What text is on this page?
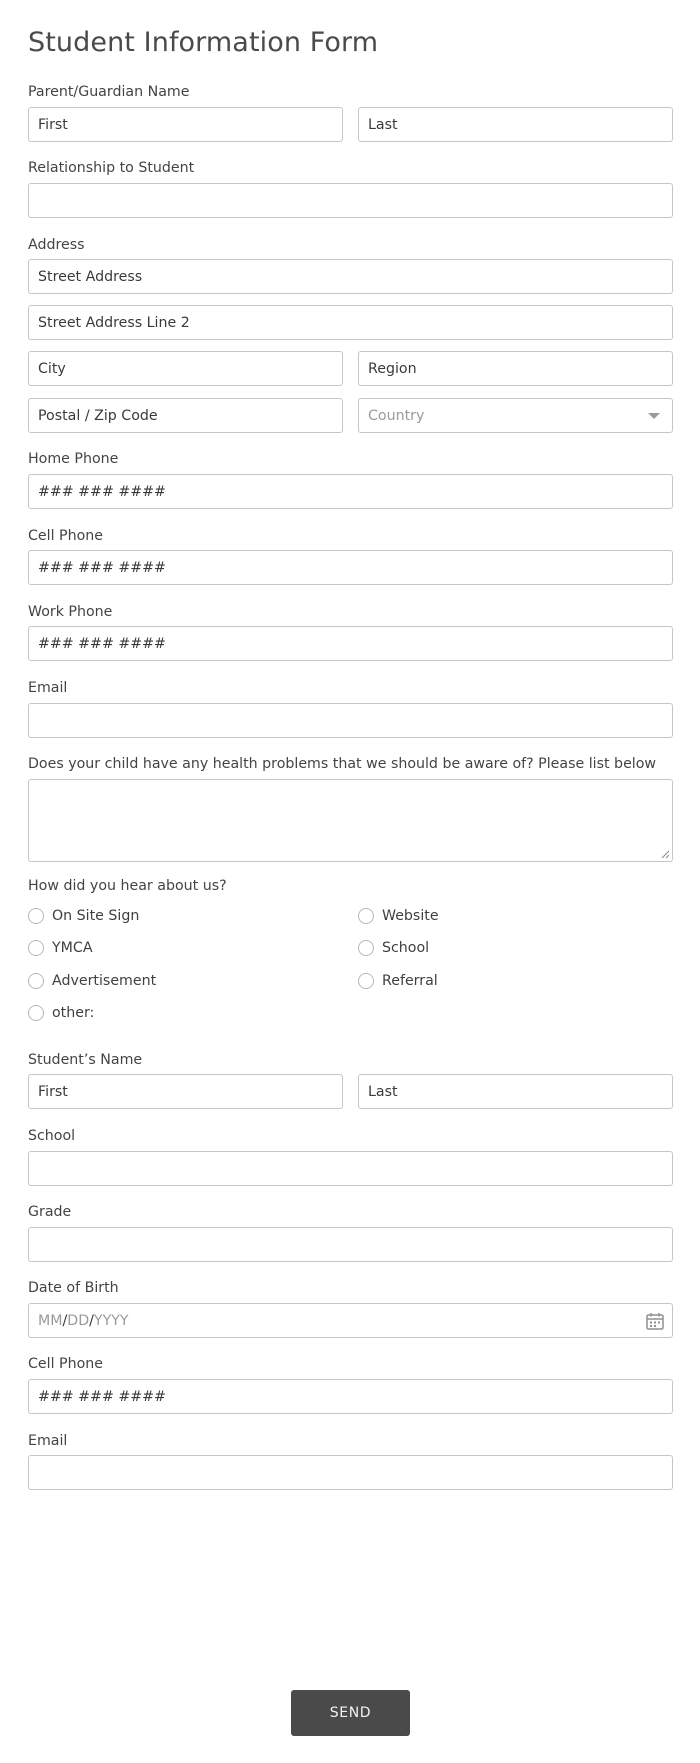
Student Information Form
Parent/Guardian Name
First	Last
Relationship to Student
Address
Street Address
Street Address Line 2
City	Region
Postal / Zip Code	Country
Home Phone
### ### ####
Cell Phone
### ### ####
Work Phone
### ### ####
Email
Does your child have any health problems that we should be aware of? Please list below
How did you hear about us?
On Site Sign	Website
YMCA	School
Advertisement	Referral
other:
Student’s Name
First	Last
School
Grade
Date of Birth
MM / DD / YYYY
Cell Phone
### ### ####
Email
SEND
